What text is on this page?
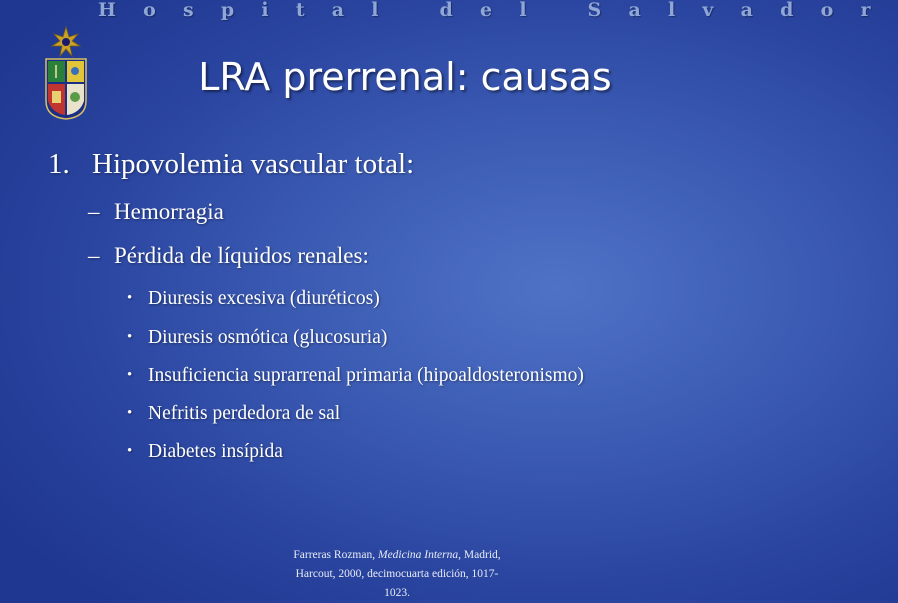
Hospital del Salvador
LRA prerrenal: causas
1. Hipovolemia vascular total:
– Hemorragia
– Pérdida de líquidos renales:
• Diuresis excesiva (diuréticos)
• Diuresis osmótica (glucosuria)
• Insuficiencia suprarrenal primaria (hipoaldosteronismo)
• Nefritis perdedora de sal
• Diabetes insípida
Farreras Rozman, Medicina Interna, Madrid,
Harcout, 2000, decimocuarta edición, 1017-
1023.
